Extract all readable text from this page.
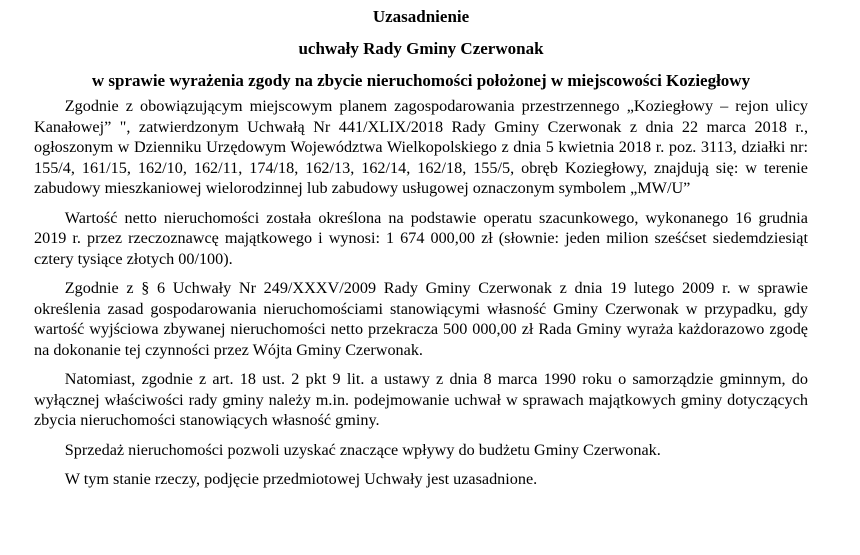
Uzasadnienie
uchwały Rady Gminy Czerwonak
w sprawie wyrażenia zgody na zbycie nieruchomości położonej w miejscowości Koziegłowy

Zgodnie z obowiązującym miejscowym planem zagospodarowania przestrzennego „Koziegłowy – rejon ulicy Kanałowej” ", zatwierdzonym Uchwałą Nr 441/XLIX/2018 Rady Gminy Czerwonak z dnia 22 marca 2018 r., ogłoszonym w Dzienniku Urzędowym Województwa Wielkopolskiego z dnia 5 kwietnia 2018 r. poz. 3113, działki nr: 155/4, 161/15, 162/10, 162/11, 174/18, 162/13, 162/14, 162/18, 155/5, obręb Koziegłowy, znajdują się: w terenie zabudowy mieszkaniowej wielorodzinnej lub zabudowy usługowej oznaczonym symbolem „MW/U”

Wartość netto nieruchomości została określona na podstawie operatu szacunkowego, wykonanego 16 grudnia 2019 r. przez rzeczoznawcę majątkowego i wynosi: 1 674 000,00 zł (słownie: jeden milion sześćset siedemdziesiąt cztery tysiące złotych 00/100).

Zgodnie z § 6 Uchwały Nr 249/XXXV/2009 Rady Gminy Czerwonak z dnia 19 lutego 2009 r. w sprawie określenia zasad gospodarowania nieruchomościami stanowiącymi własność Gminy Czerwonak w przypadku, gdy wartość wyjściowa zbywanej nieruchomości netto przekracza 500 000,00 zł Rada Gminy wyraża każdorazowo zgodę na dokonanie tej czynności przez Wójta Gminy Czerwonak.

Natomiast, zgodnie z art. 18 ust. 2 pkt 9 lit. a ustawy z dnia 8 marca 1990 roku o samorządzie gminnym, do wyłącznej właściwości rady gminy należy m.in. podejmowanie uchwał w sprawach majątkowych gminy dotyczących zbycia nieruchomości stanowiących własność gminy.

Sprzedaż nieruchomości pozwoli uzyskać znaczące wpływy do budżetu Gminy Czerwonak.

W tym stanie rzeczy, podjęcie przedmiotowej Uchwały jest uzasadnione.
